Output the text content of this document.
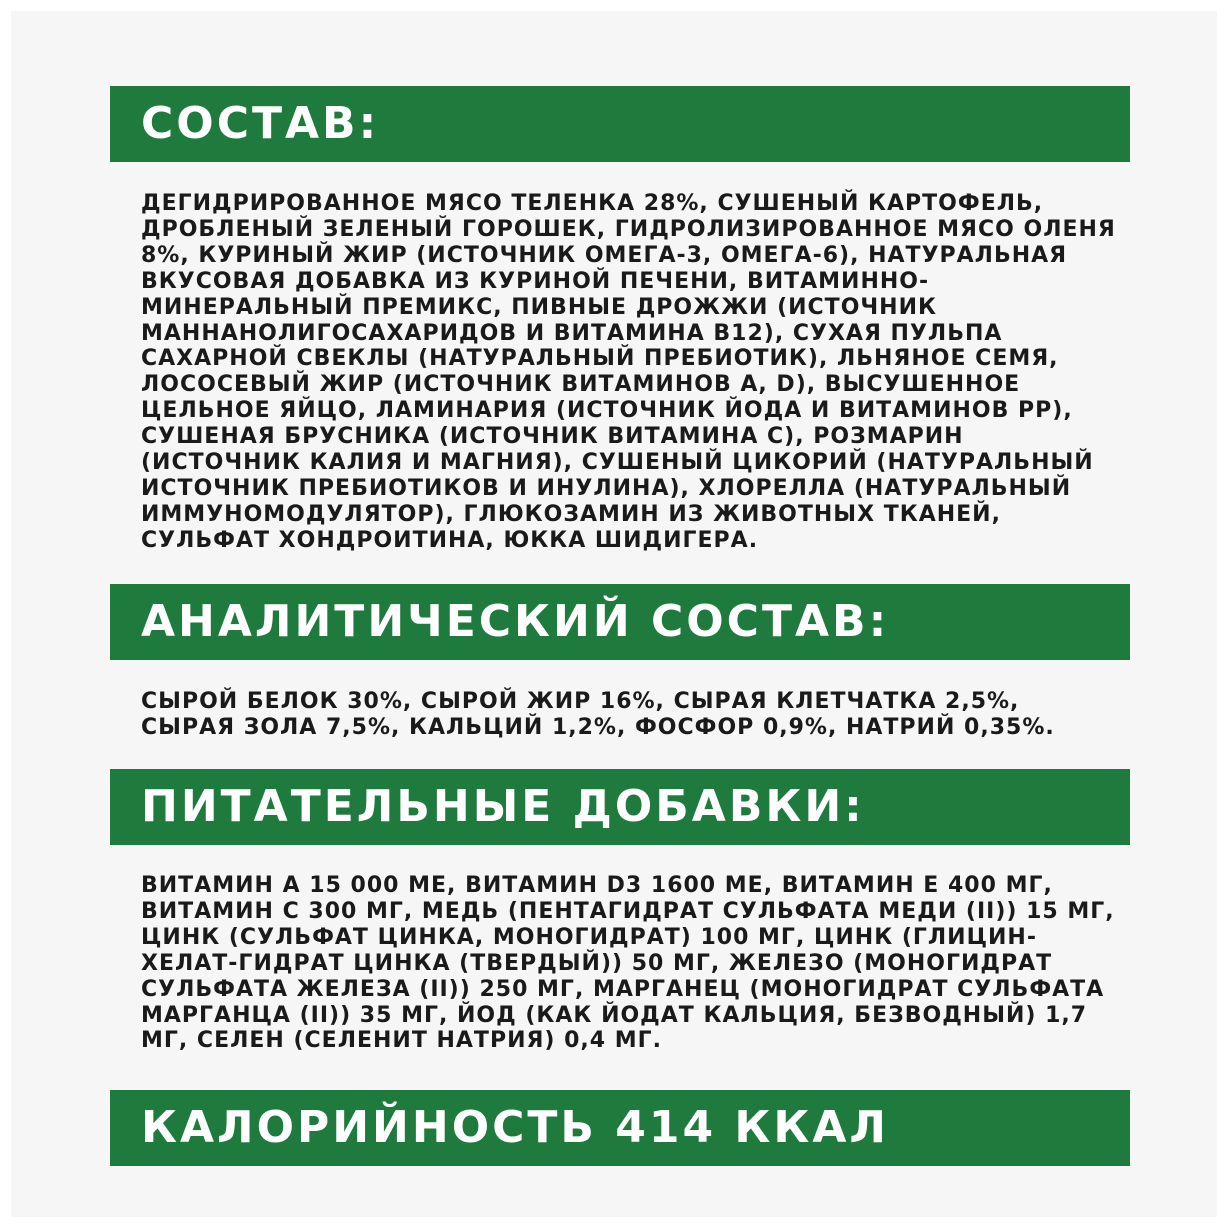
СОСТАВ:
ДЕГИДРИРОВАННОЕ МЯСО ТЕЛЕНКА 28%, СУШЕНЫЙ КАРТОФЕЛЬ, ДРОБЛЕНЫЙ ЗЕЛЕНЫЙ ГОРОШЕК, ГИДРОЛИЗИРОВАННОЕ МЯСО ОЛЕНЯ 8%, КУРИНЫЙ ЖИР (ИСТОЧНИК ОМЕГА-3, ОМЕГА-6), НАТУРАЛЬНАЯ ВКУСОВАЯ ДОБАВКА ИЗ КУРИНОЙ ПЕЧЕНИ, ВИТАМИННО-МИНЕРАЛЬНЫЙ ПРЕМИКС, ПИВНЫЕ ДРОЖЖИ (ИСТОЧНИК МАННАНОЛИГОСАХАРИДОВ И ВИТАМИНА B12), СУХАЯ ПУЛЬПА САХАРНОЙ СВЕКЛЫ (НАТУРАЛЬНЫЙ ПРЕБИОТИК), ЛЬНЯНОЕ СЕМЯ, ЛОСОСЕВЫЙ ЖИР (ИСТОЧНИК ВИТАМИНОВ А, D), ВЫСУШЕННОЕ ЦЕЛЬНОЕ ЯЙЦО, ЛАМИНАРИЯ (ИСТОЧНИК ЙОДА И ВИТАМИНОВ РР), СУШЕНАЯ БРУСНИКА (ИСТОЧНИК ВИТАМИНА С), РОЗМАРИН (ИСТОЧНИК КАЛИЯ И МАГНИЯ), СУШЕНЫЙ ЦИКОРИЙ (НАТУРАЛЬНЫЙ ИСТОЧНИК ПРЕБИОТИКОВ И ИНУЛИНА), ХЛОРЕЛЛА (НАТУРАЛЬНЫЙ ИММУНОМОДУЛЯТОР), ГЛЮКОЗАМИН ИЗ ЖИВОТНЫХ ТКАНЕЙ, СУЛЬФАТ ХОНДРОИТИНА, ЮККА ШИДИГЕРА.
АНАЛИТИЧЕСКИЙ СОСТАВ:
СЫРОЙ БЕЛОК 30%, СЫРОЙ ЖИР 16%, СЫРАЯ КЛЕТЧАТКА 2,5%, СЫРАЯ ЗОЛА 7,5%, КАЛЬЦИЙ 1,2%, ФОСФОР 0,9%, НАТРИЙ 0,35%.
ПИТАТЕЛЬНЫЕ ДОБАВКИ:
ВИТАМИН А 15 000 МЕ, ВИТАМИН D3 1600 МЕ, ВИТАМИН Е 400 МГ, ВИТАМИН С 300 МГ, МЕДЬ (ПЕНТАГИДРАТ СУЛЬФАТА МЕДИ (II)) 15 МГ, ЦИНК (СУЛЬФАТ ЦИНКА, МОНОГИДРАТ) 100 МГ, ЦИНК (ГЛИЦИН-ХЕЛАТ-ГИДРАТ ЦИНКА (ТВЕРДЫЙ)) 50 МГ, ЖЕЛЕЗО (МОНОГИДРАТ СУЛЬФАТА ЖЕЛЕЗА (II)) 250 МГ, МАРГАНЕЦ (МОНОГИДРАТ СУЛЬФАТА МАРГАНЦА (II)) 35 МГ, ЙОД (КАК ЙОДАТ КАЛЬЦИЯ, БЕЗВОДНЫЙ) 1,7 МГ, СЕЛЕН (СЕЛЕНИТ НАТРИЯ) 0,4 МГ.
КАЛОРИЙНОСТЬ 414 ККАЛ
